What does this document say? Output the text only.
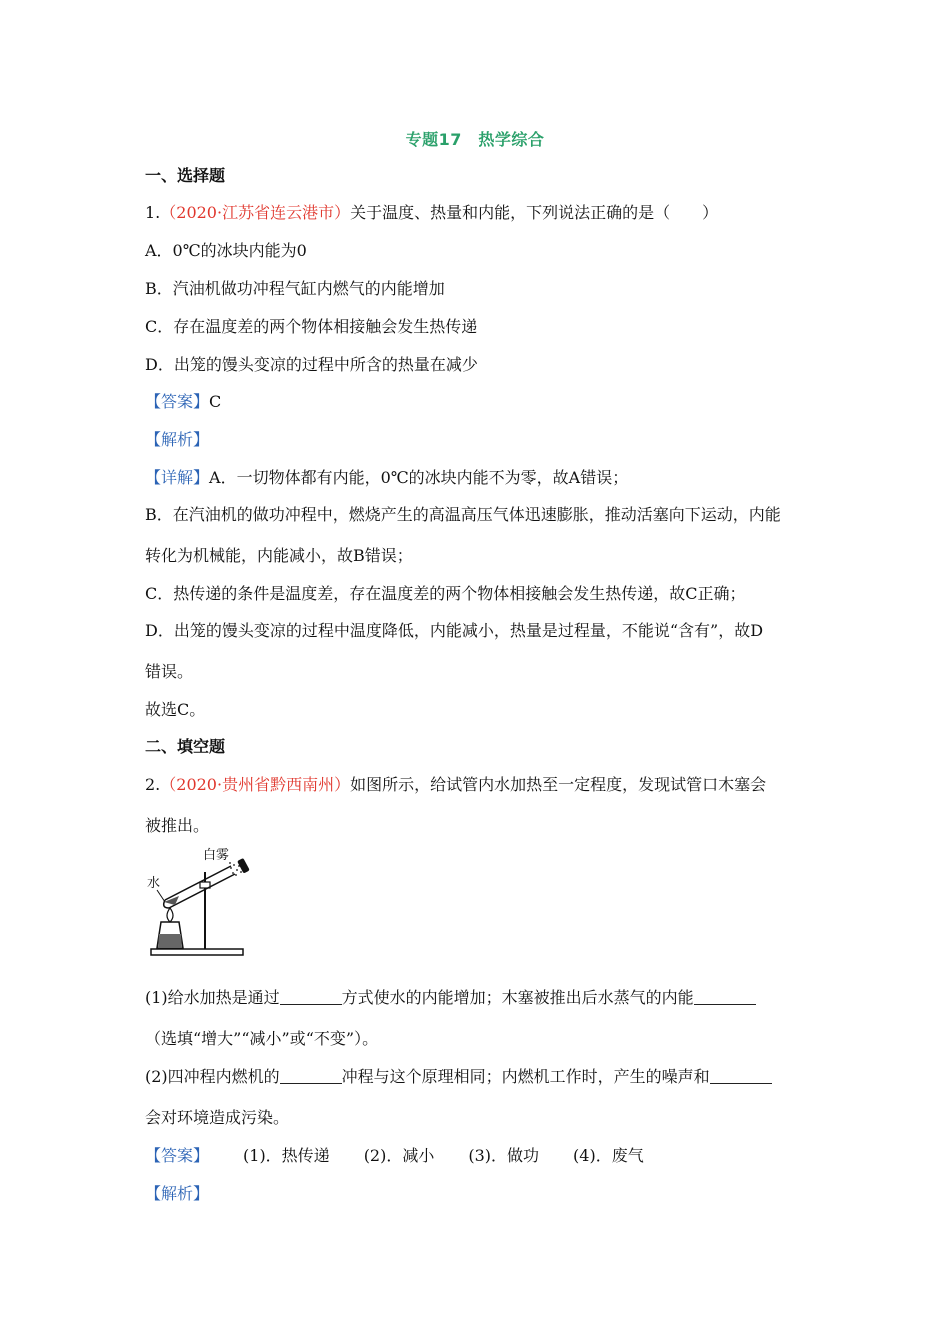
专题17　热学综合
一、选择题
1.（2020·江苏省连云港市）关于温度、热量和内能，下列说法正确的是（　　）
A．0℃的冰块内能为0
B．汽油机做功冲程气缸内燃气的内能增加
C．存在温度差的两个物体相接触会发生热传递
D．出笼的馒头变凉的过程中所含的热量在减少
【答案】C
【解析】
【详解】A．一切物体都有内能，0℃的冰块内能不为零，故A错误；
B．在汽油机的做功冲程中，燃烧产生的高温高压气体迅速膨胀，推动活塞向下运动，内能
转化为机械能，内能减小，故B错误；
C．热传递的条件是温度差，存在温度差的两个物体相接触会发生热传递，故C正确；
D．出笼的馒头变凉的过程中温度降低，内能减小，热量是过程量，不能说“含有”，故D
错误。
故选C。
二、填空题
2.（2020·贵州省黔西南州）如图所示，给试管内水加热至一定程度，发现试管口木塞会
被推出。
白雾
水
(1)给水加热是通过	方式使水的内能增加；木塞被推出后水蒸气的内能
（选填“增大”“减小”或“不变”）。
(2)四冲程内燃机的	冲程与这个原理相同；内燃机工作时，产生的噪声和
会对环境造成污染。
【答案】 (1)．热传递 (2)．减小 (3)．做功 (4)．废气
【解析】
